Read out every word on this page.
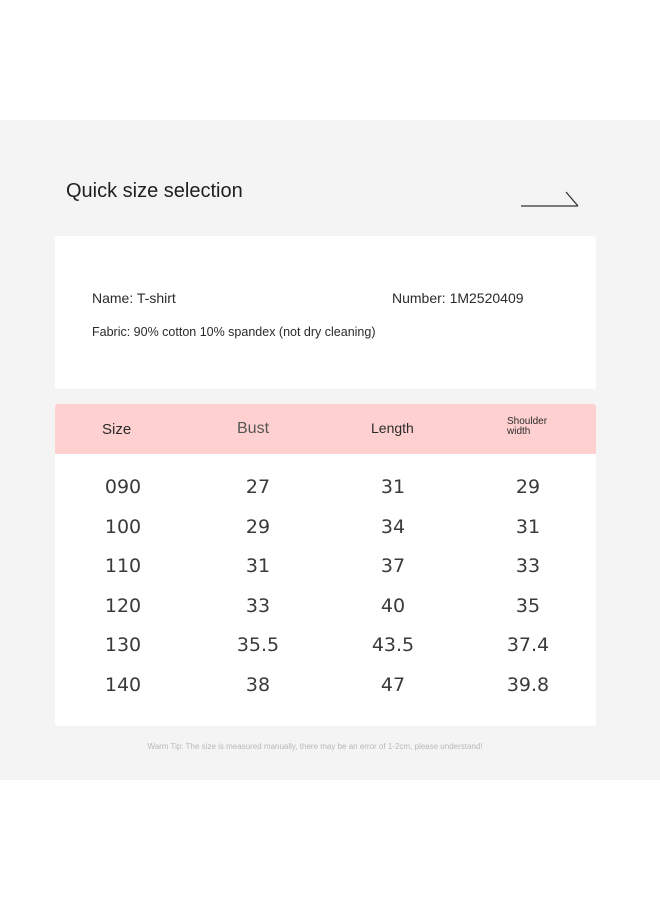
Quick size selection
Name: T-shirt	Number: 1M2520409
Fabric: 90% cotton 10% spandex (not dry cleaning)
Size	Bust	Length	Shoulder width
090	27	31	29
100	29	34	31
110	31	37	33
120	33	40	35
130	35.5	43.5	37.4
140	38	47	39.8
Warm Tip: The size is measured manually, there may be an error of 1-2cm, please understand!
